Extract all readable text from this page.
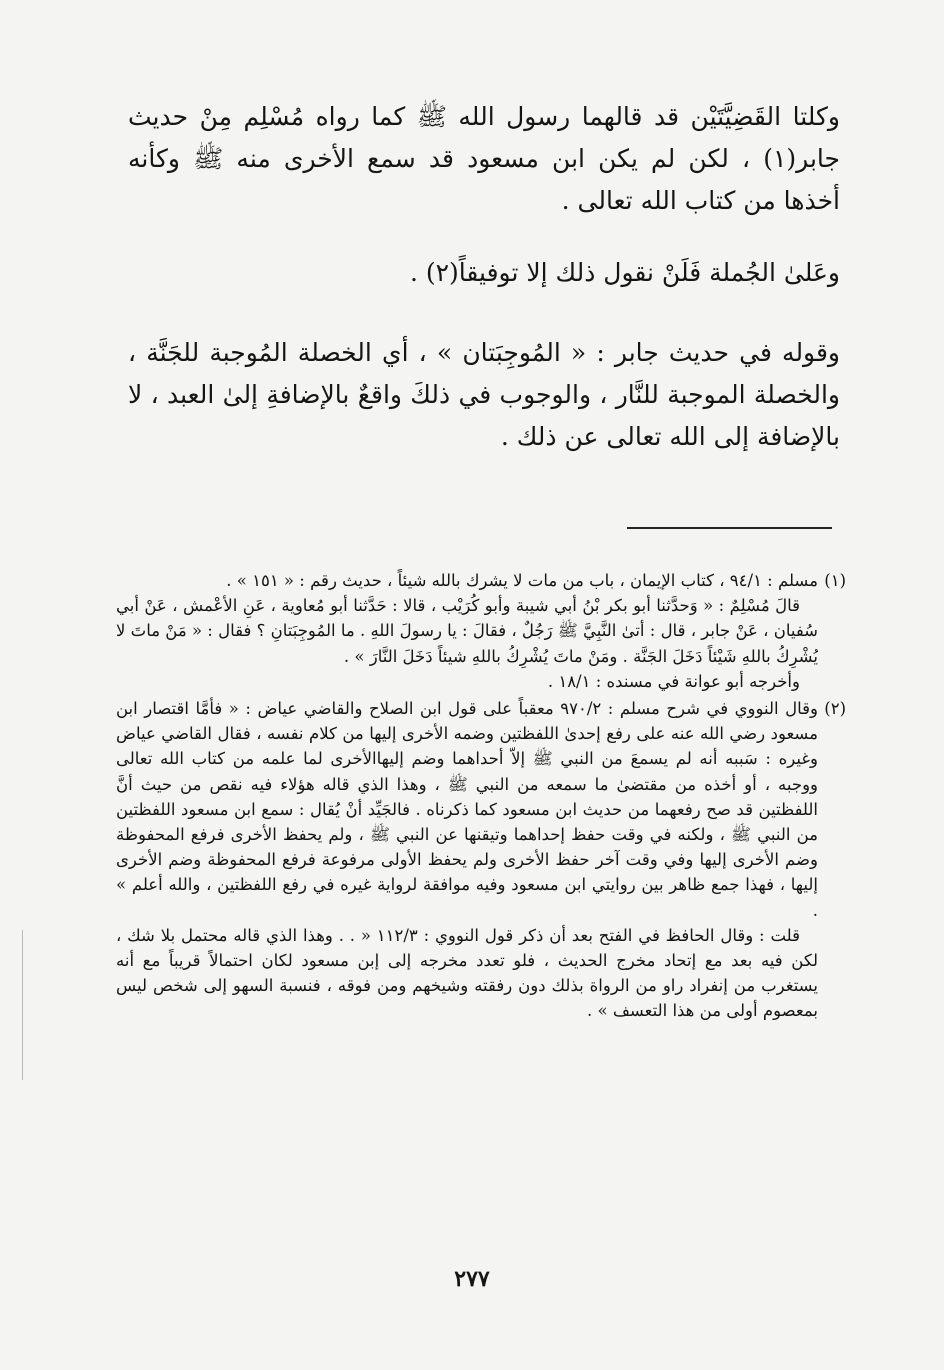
وكلتا القَضِيَّتَيْن قد قالهما رسول الله ﷺ كما رواه مُسْلِم مِنْ حديث جابر(١) ، لكن لم يكن ابن مسعود قد سمع الأخرى منه ﷺ وكأنه أخذها من كتاب الله تعالى .

وعَلىٰ الجُملة فَلَنْ نقول ذلك إلا توفيقاً(٢) .

وقوله في حديث جابر : « المُوجِبَتان » ، أي الخصلة المُوجبة للجَنَّة ، والخصلة الموجبة للنَّار ، والوجوب في ذلكَ واقعٌ بالإضافةِ إلىٰ العبد ، لا بالإضافة إلى الله تعالى عن ذلك .

(١)

مسلم : ٩٤/١ ، كتاب الإيمان ، باب من مات لا يشرك بالله شيئاً ، حديث رقم : « ١٥١ » .

قالَ مُسْلِمٌ : « وَحدَّثنا أبو بكر بْنُ أبي شيبة وأبو كُرَيْب ، قالا : حَدَّثنا أبو مُعاوية ، عَنِ الأعْمش ، عَنْ أبي سُفيان ، عَنْ جابر ، قال : أتىٰ النَّبِيَّ ﷺ رَجُلٌ ، فقالَ : يا رسولَ اللهِ . ما المُوجِبَتانِ ؟ فقال : « مَنْ ماتَ لا يُشْرِكُ باللهِ شَيْئاً دَخَلَ الجَنَّة . ومَنْ ماتَ يُشْرِكُ باللهِ شيئاً دَخَلَ النَّارَ » .

وأخرجه أبو عوانة في مسنده : ١٨/١ .

(٢)

وقال النووي في شرح مسلم : ٩٧٠/٢ معقباً على قول ابن الصلاح والقاضي عياض : « فأمَّا اقتصار ابن مسعود رضي الله عنه على رفع إحدىٰ اللفظتين وضمه الأخرى إليها من كلام نفسه ، فقال القاضي عياض وغيره : سَببه أنه لم يسمعَ من النبي ﷺ إلاّ أحداهما وضم إليهاالأخرى لما علمه من كتاب الله تعالى ووجبه ، أو أخذه من مقتضىٰ ما سمعه من النبي ﷺ ، وهذا الذي قاله هؤلاء فيه نقص من حيث أنَّ اللفظتين قد صح رفعهما من حديث ابن مسعود كما ذكرناه . فالجَيِّد أنْ يُقال : سمع ابن مسعود اللفظتين من النبي ﷺ ، ولكنه في وقت حفظ إحداهما وتيقنها عن النبي ﷺ ، ولم يحفظ الأخرى فرفع المحفوظة وضم الأخرى إليها وفي وقت آخر حفظ الأخرى ولم يحفظ الأولى مرفوعة فرفع المحفوظة وضم الأخرى إليها ، فهذا جمع ظاهر بين روايتي ابن مسعود وفيه موافقة لرواية غيره في رفع اللفظتين ، والله أعلم » .

قلت : وقال الحافظ في الفتح بعد أن ذكر قول النووي : ١١٢/٣ « . . وهذا الذي قاله محتمل بلا شك ، لكن فيه بعد مع إتحاد مخرج الحديث ، فلو تعدد مخرجه إلى إبن مسعود لكان احتمالاً قريباً مع أنه يستغرب من إنفراد راو من الرواة بذلك دون رفقته وشيخهم ومن فوقه ، فنسبة السهو إلى شخص ليس بمعصوم أولى من هذا التعسف » .

٢٧٧
